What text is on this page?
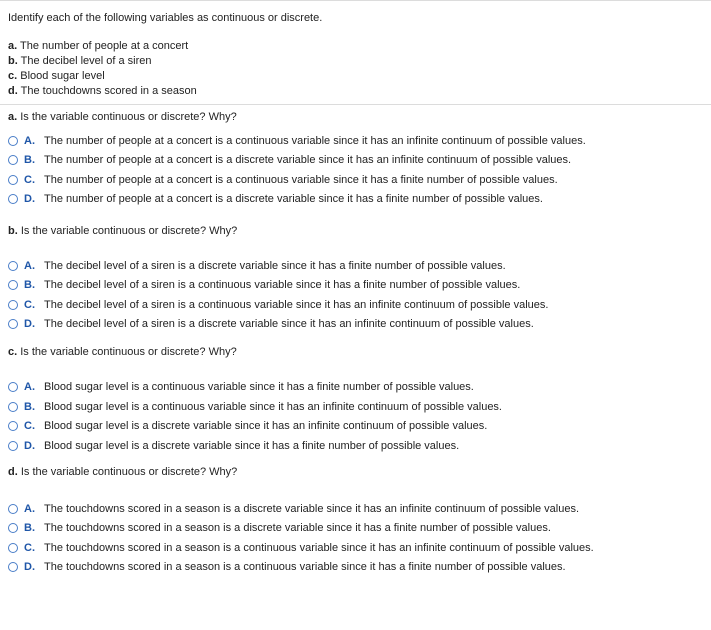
Identify each of the following variables as continuous or discrete.
a. The number of people at a concert
b. The decibel level of a siren
c. Blood sugar level
d. The touchdowns scored in a season
a. Is the variable continuous or discrete? Why?
A. The number of people at a concert is a continuous variable since it has an infinite continuum of possible values.
B. The number of people at a concert is a discrete variable since it has an infinite continuum of possible values.
C. The number of people at a concert is a continuous variable since it has a finite number of possible values.
D. The number of people at a concert is a discrete variable since it has a finite number of possible values.
b. Is the variable continuous or discrete? Why?
A. The decibel level of a siren is a discrete variable since it has a finite number of possible values.
B. The decibel level of a siren is a continuous variable since it has a finite number of possible values.
C. The decibel level of a siren is a continuous variable since it has an infinite continuum of possible values.
D. The decibel level of a siren is a discrete variable since it has an infinite continuum of possible values.
c. Is the variable continuous or discrete? Why?
A. Blood sugar level is a continuous variable since it has a finite number of possible values.
B. Blood sugar level is a continuous variable since it has an infinite continuum of possible values.
C. Blood sugar level is a discrete variable since it has an infinite continuum of possible values.
D. Blood sugar level is a discrete variable since it has a finite number of possible values.
d. Is the variable continuous or discrete? Why?
A. The touchdowns scored in a season is a discrete variable since it has an infinite continuum of possible values.
B. The touchdowns scored in a season is a discrete variable since it has a finite number of possible values.
C. The touchdowns scored in a season is a continuous variable since it has an infinite continuum of possible values.
D. The touchdowns scored in a season is a continuous variable since it has a finite number of possible values.
